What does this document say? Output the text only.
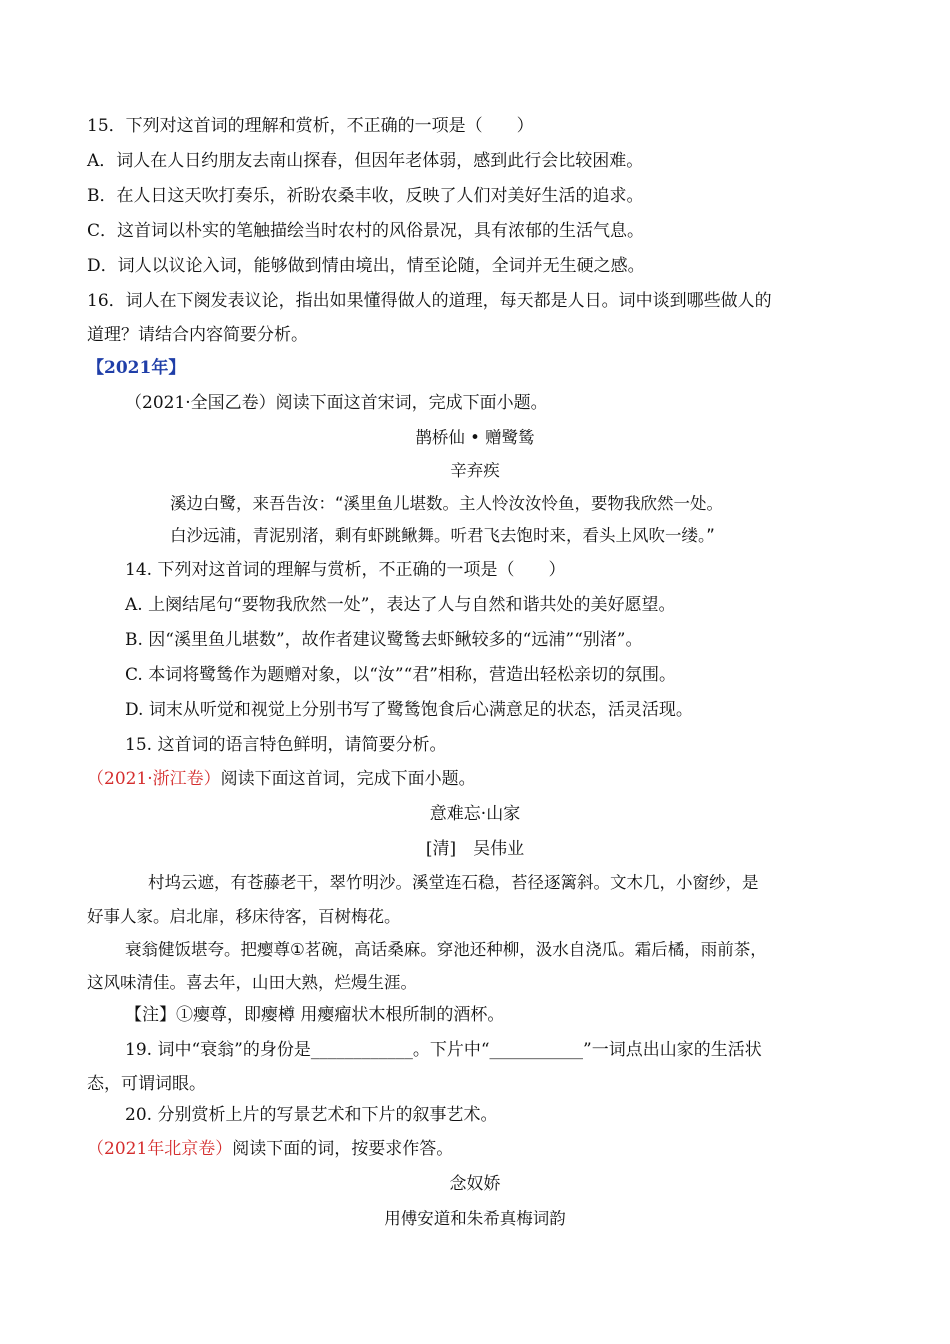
15．下列对这首词的理解和赏析，不正确的一项是（　　）
A．词人在人日约朋友去南山探春，但因年老体弱，感到此行会比较困难。
B．在人日这天吹打奏乐，祈盼农桑丰收，反映了人们对美好生活的追求。
C．这首词以朴实的笔触描绘当时农村的风俗景况，具有浓郁的生活气息。
D．词人以议论入词，能够做到情由境出，情至论随，全词并无生硬之感。
16．词人在下阕发表议论，指出如果懂得做人的道理，每天都是人日。词中谈到哪些做人的
道理？请结合内容简要分析。
【2021年】
（2021·全国乙卷）阅读下面这首宋词，完成下面小题。
鹊桥仙 • 赠鹭鸶
辛弃疾
溪边白鹭，来吾告汝：“溪里鱼儿堪数。主人怜汝汝怜鱼，要物我欣然一处。
白沙远浦，青泥别渚，剩有虾跳鳅舞。听君飞去饱时来，看头上风吹一缕。”
14. 下列对这首词的理解与赏析，不正确的一项是（　　）
A. 上阕结尾句“要物我欣然一处”，表达了人与自然和谐共处的美好愿望。
B. 因“溪里鱼儿堪数”，故作者建议鹭鸶去虾鳅较多的“远浦”“别渚”。
C. 本词将鹭鸶作为题赠对象，以“汝”“君”相称，营造出轻松亲切的氛围。
D. 词末从听觉和视觉上分别书写了鹭鸶饱食后心满意足的状态，活灵活现。
15. 这首词的语言特色鲜明，请简要分析。
（2021·浙江卷）阅读下面这首词，完成下面小题。
意难忘·山家
[清]　吴伟业
村坞云遮，有苍藤老干，翠竹明沙。溪堂连石稳，苔径逐篱斜。文木几，小窗纱，是
好事人家。启北扉，移床待客，百树梅花。
衰翁健饭堪夸。把瘿尊①茗碗，高话桑麻。穿池还种柳，汲水自浇瓜。霜后橘，雨前茶，
这风味清佳。喜去年，山田大熟，烂熳生涯。
【注】①瘿尊，即瘿樽 用瘿瘤状木根所制的酒杯。
19. 词中“衰翁”的身份是____________。下片中“___________”一词点出山家的生活状
态，可谓词眼。
20. 分别赏析上片的写景艺术和下片的叙事艺术。
（2021年北京卷）阅读下面的词，按要求作答。
念奴娇
用傅安道和朱希真梅词韵
